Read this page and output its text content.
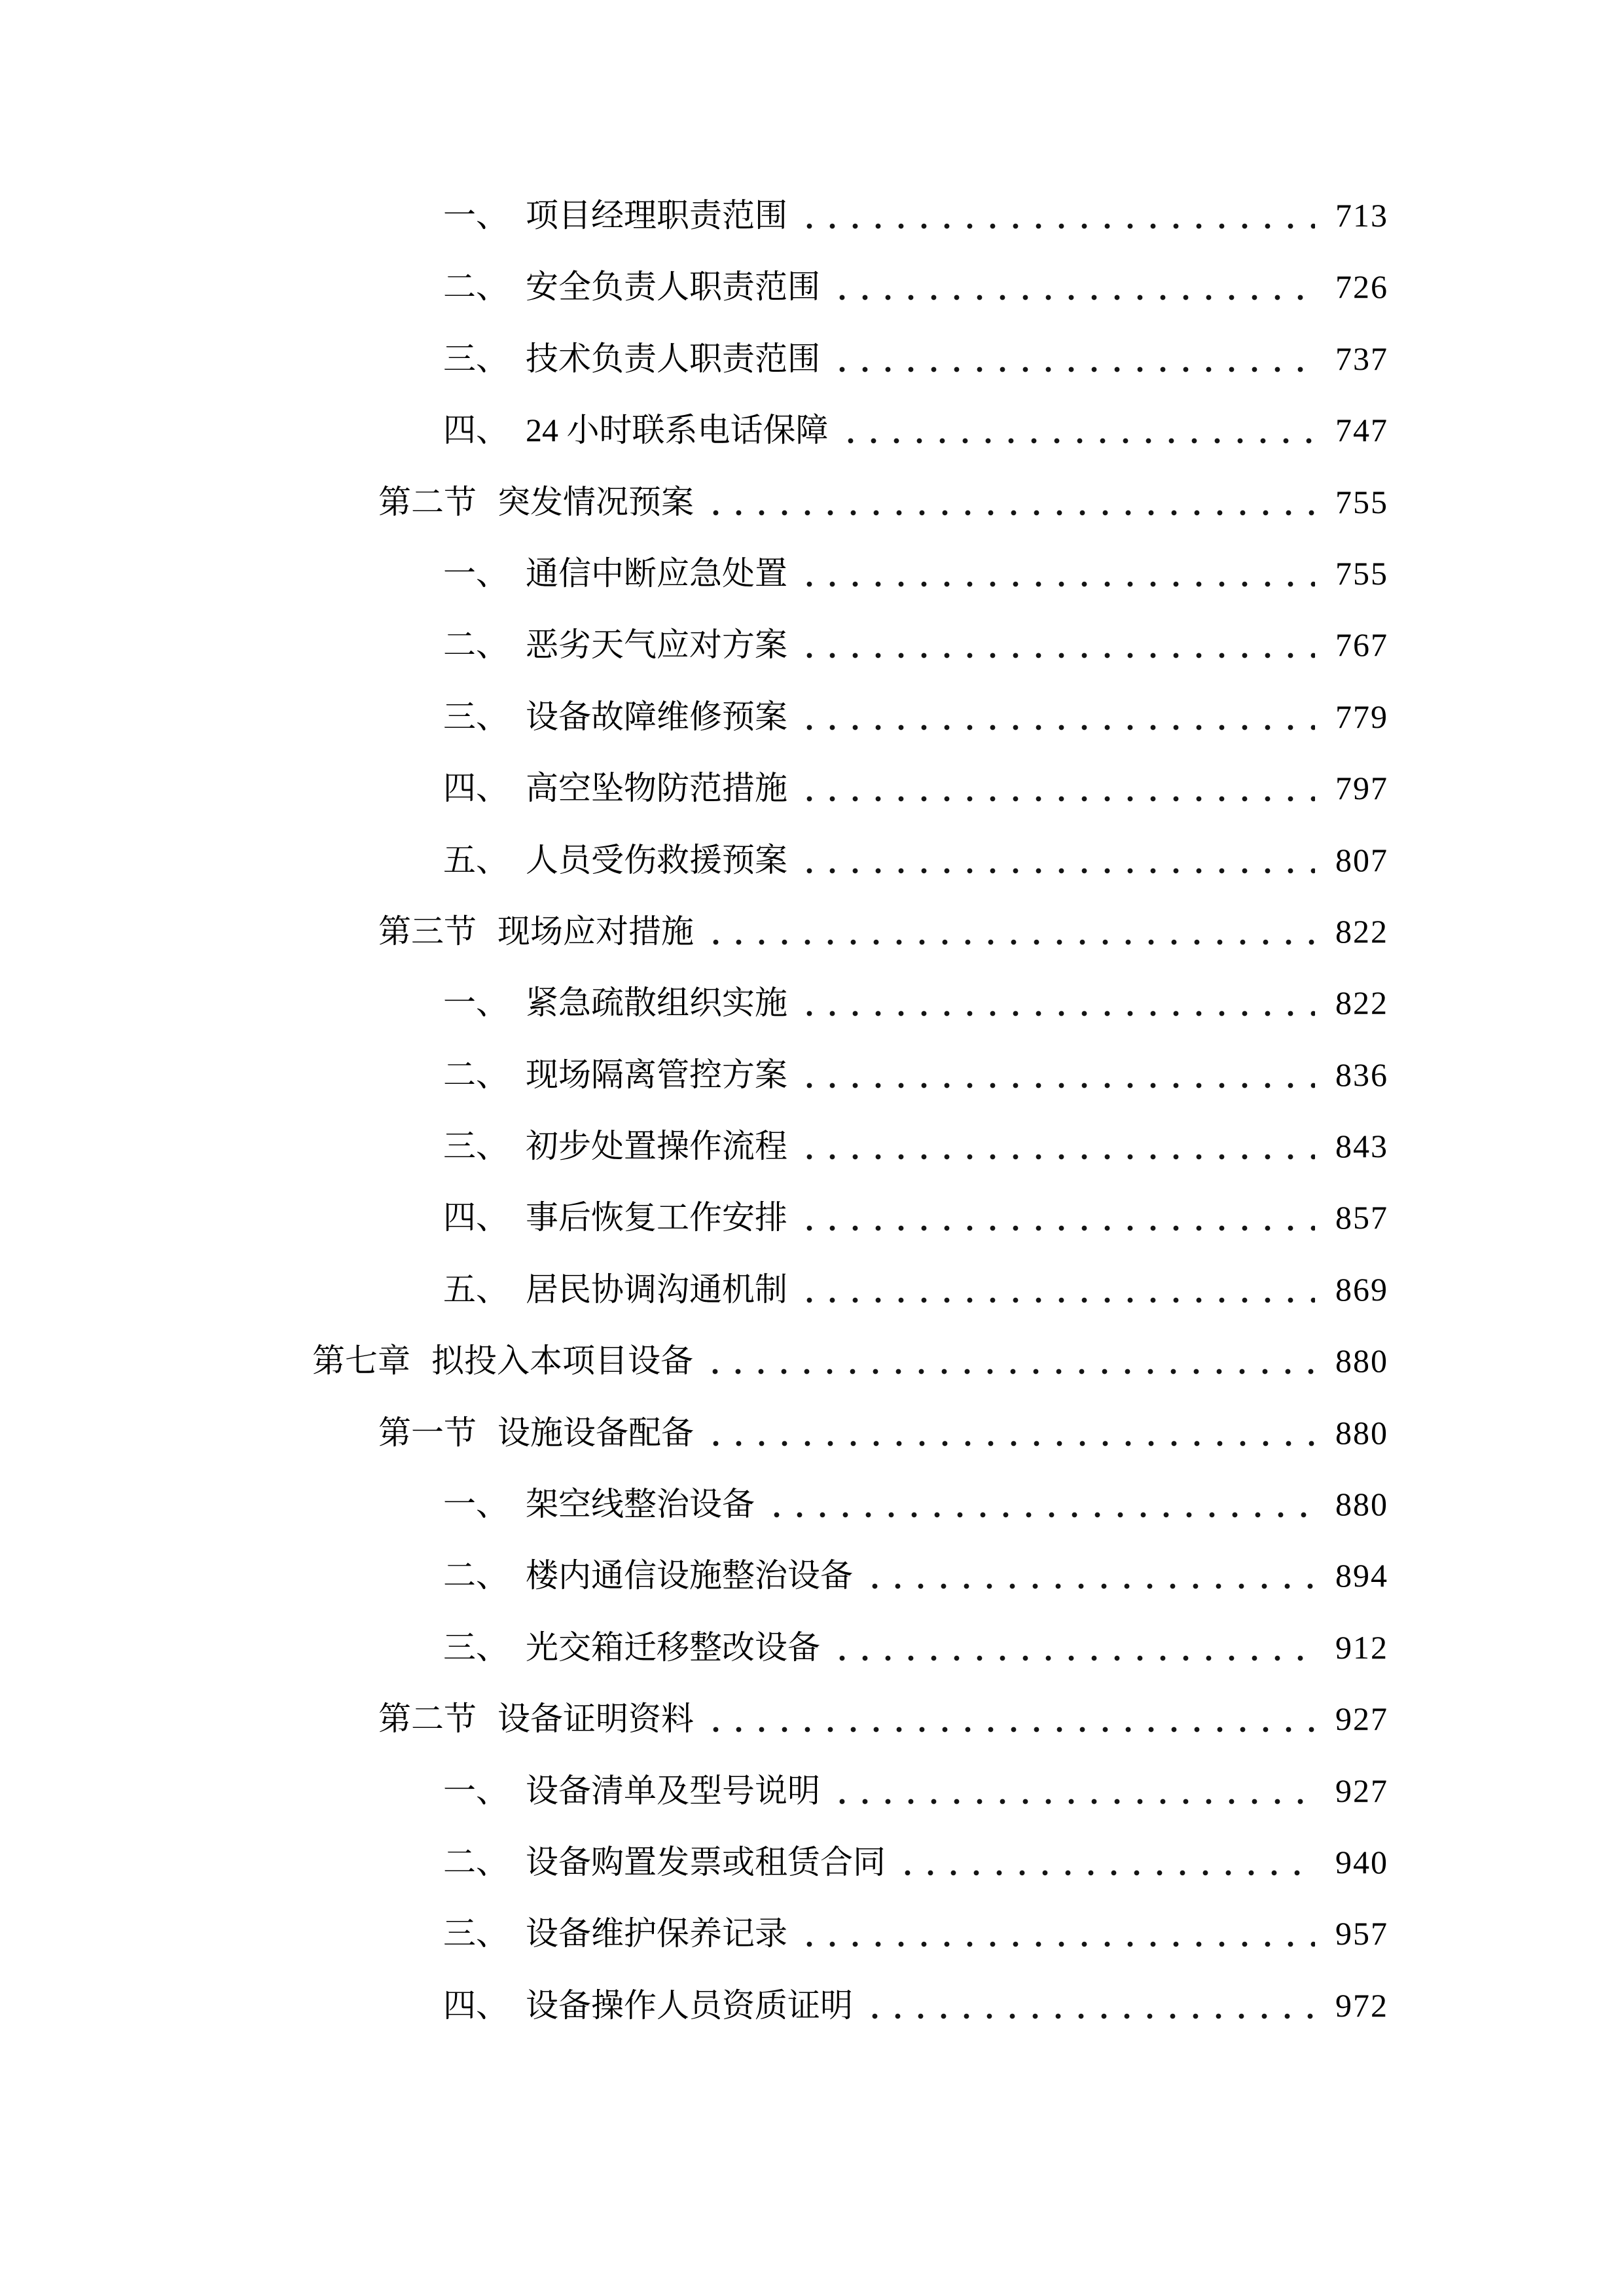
一、 项目经理职责范围	713
二、 安全负责人职责范围	726
三、 技术负责人职责范围	737
四、 24 小时联系电话保障	747
第二节 突发情况预案	755
一、 通信中断应急处置	755
二、 恶劣天气应对方案	767
三、 设备故障维修预案	779
四、 高空坠物防范措施	797
五、 人员受伤救援预案	807
第三节 现场应对措施	822
一、 紧急疏散组织实施	822
二、 现场隔离管控方案	836
三、 初步处置操作流程	843
四、 事后恢复工作安排	857
五、 居民协调沟通机制	869
第七章 拟投入本项目设备	880
第一节 设施设备配备	880
一、 架空线整治设备	880
二、 楼内通信设施整治设备	894
三、 光交箱迁移整改设备	912
第二节 设备证明资料	927
一、 设备清单及型号说明	927
二、 设备购置发票或租赁合同	940
三、 设备维护保养记录	957
四、 设备操作人员资质证明	972
